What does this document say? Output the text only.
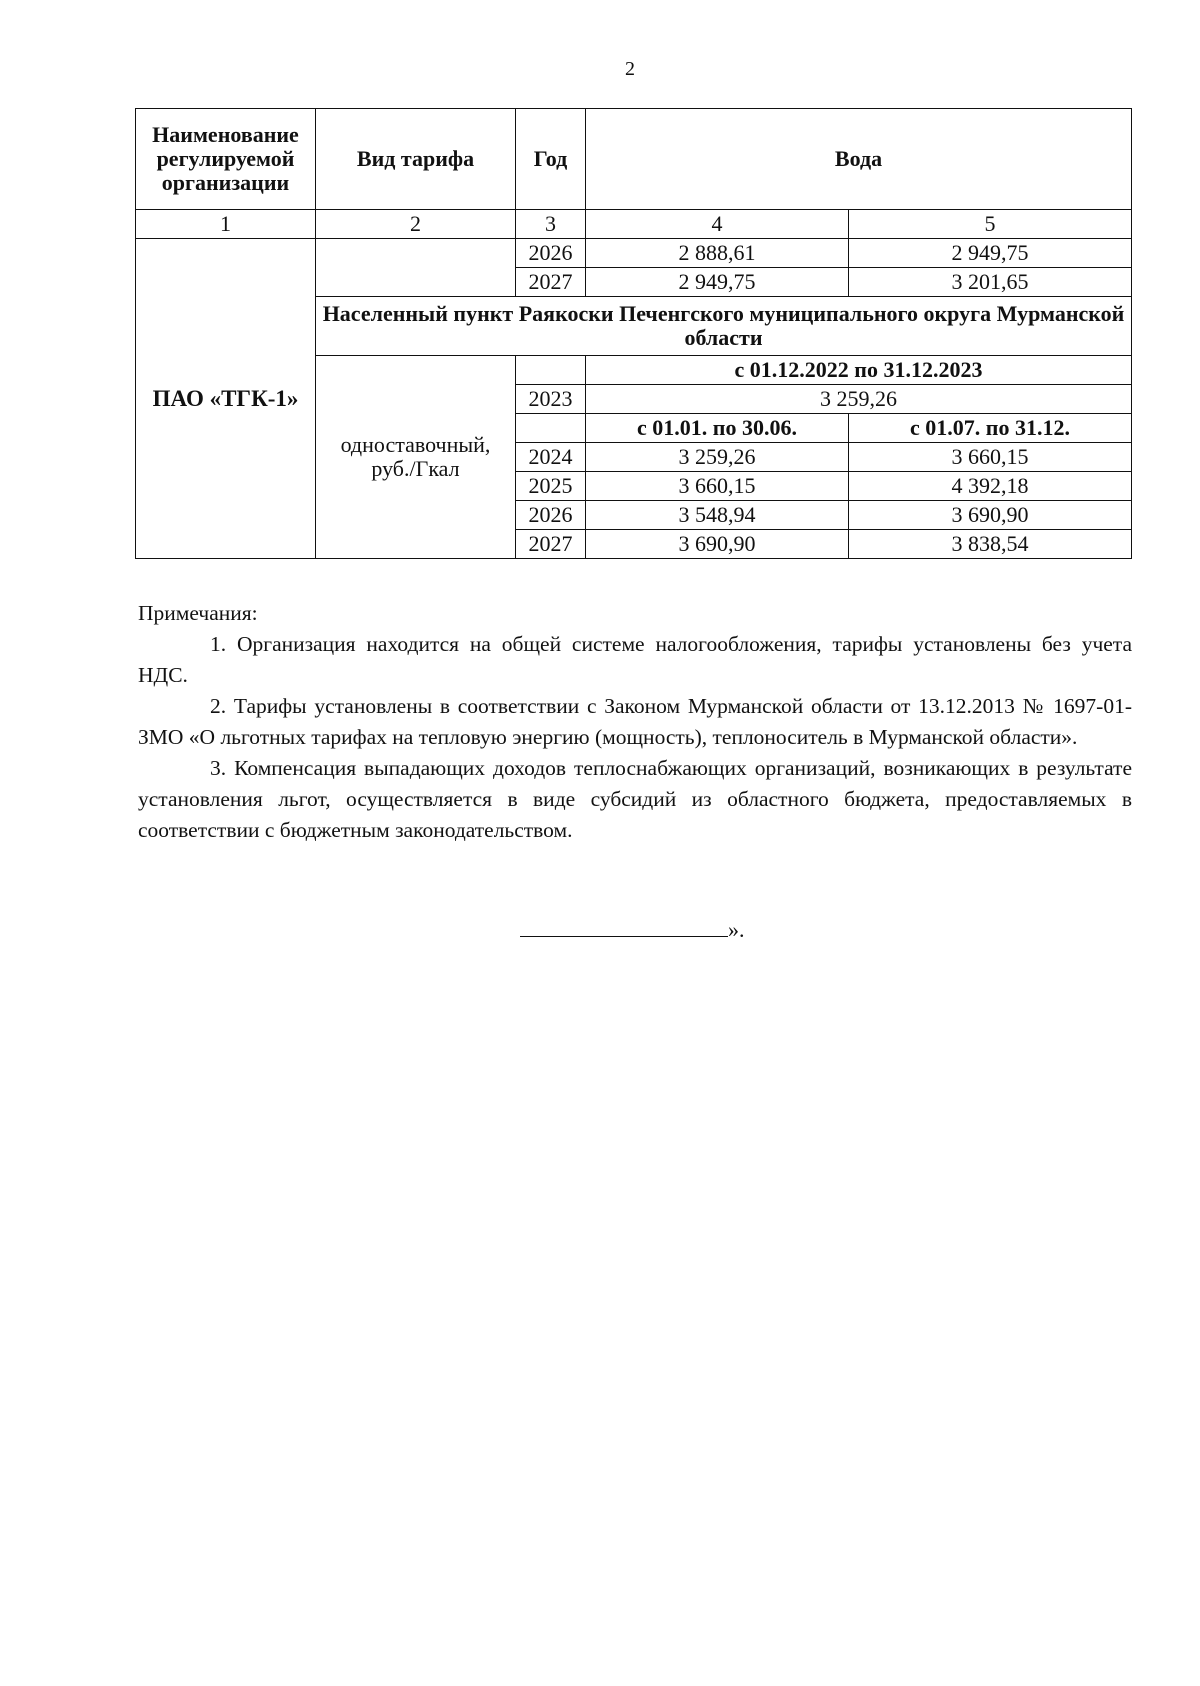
2
Наименование регулируемой организации	Вид тарифа	Год	Вода	
1	2	3	4	5
ПАО «ТГК-1»		2026	2 888,61	2 949,75
		2027	2 949,75	3 201,65
	Населенный пункт Раякоски Печенгского муниципального округа Мурманской области			
	одноставочный, руб./Гкал		с 01.12.2022 по 31.12.2023	
		2023	3 259,26	
			с 01.01. по 30.06.	с 01.07. по 31.12.
		2024	3 259,26	3 660,15
		2025	3 660,15	4 392,18
		2026	3 548,94	3 690,90
		2027	3 690,90	3 838,54

Примечания:

1. Организация находится на общей системе налогообложения, тарифы установлены без учета НДС.

2. Тарифы установлены в соответствии с Законом Мурманской области от 13.12.2013 № 1697-01-ЗМО «О льготных тарифах на тепловую энергию (мощность), теплоноситель в Мурманской области».

3. Компенсация выпадающих доходов теплоснабжающих организаций, возникающих в результате установления льгот, осуществляется в виде субсидий из областного бюджета, предоставляемых в соответствии с бюджетным законодательством.

».
